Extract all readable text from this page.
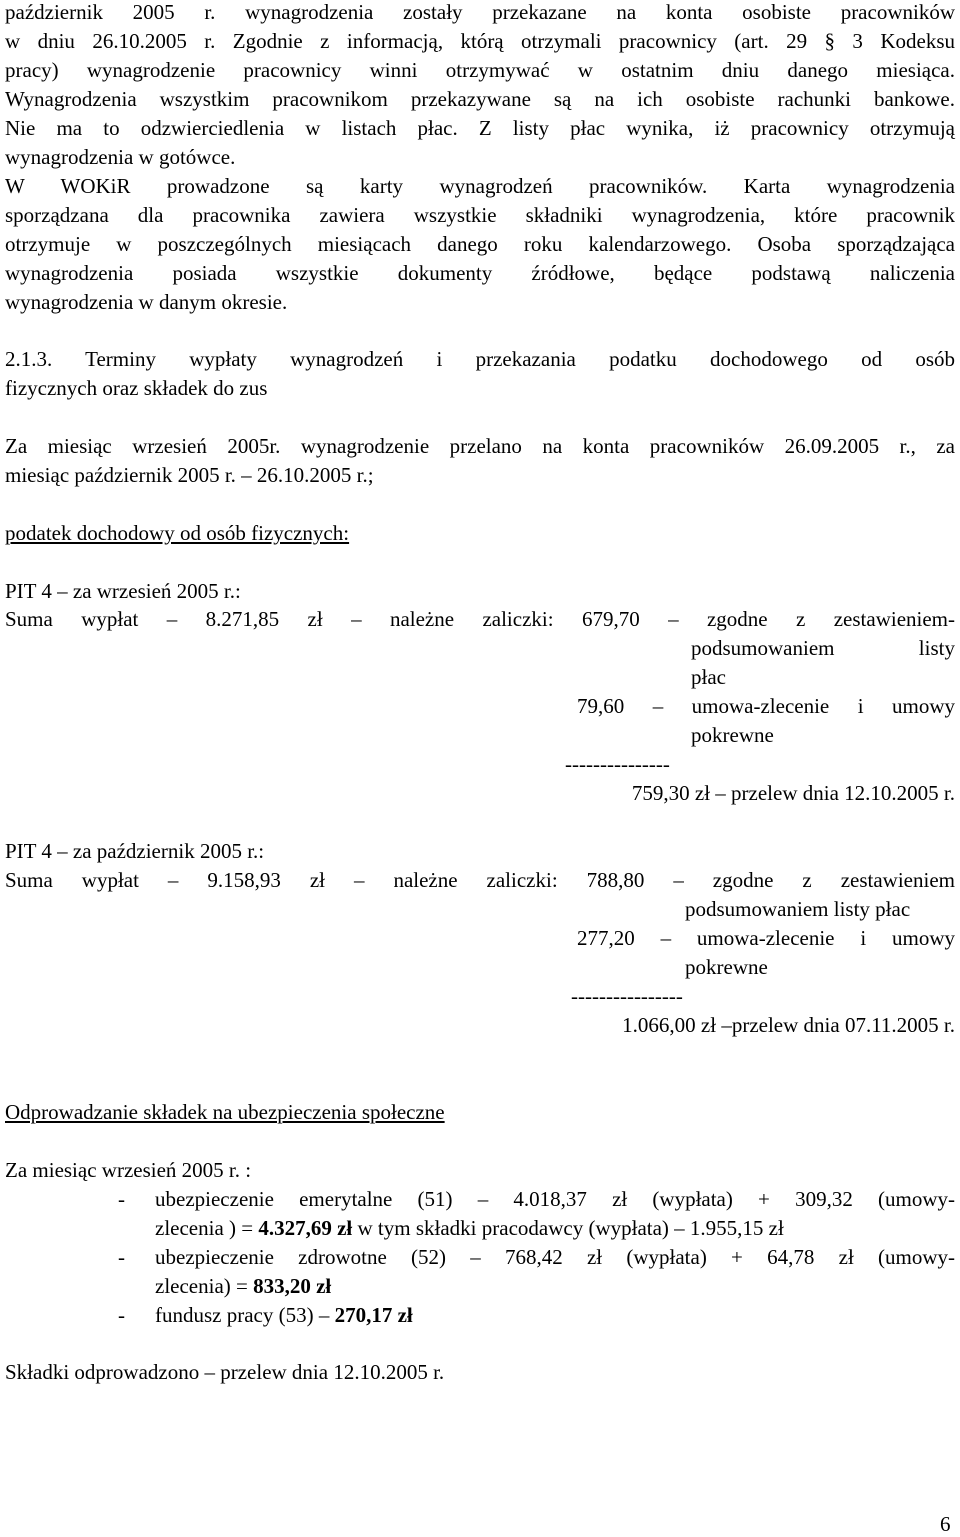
październik 2005 r. wynagrodzenia zostały przekazane na konta osobiste pracowników
w dniu 26.10.2005 r. Zgodnie z informacją, którą otrzymali pracownicy (art. 29 § 3 Kodeksu
pracy) wynagrodzenie pracownicy winni otrzymywać w ostatnim dniu danego miesiąca.
Wynagrodzenia wszystkim pracownikom przekazywane są na ich osobiste rachunki bankowe.
Nie ma to odzwierciedlenia w listach płac. Z listy płac wynika, iż pracownicy otrzymują
wynagrodzenia w gotówce.
W WOKiR prowadzone są karty wynagrodzeń pracowników. Karta wynagrodzenia
sporządzana dla pracownika zawiera wszystkie składniki wynagrodzenia, które pracownik
otrzymuje w poszczególnych miesiącach danego roku kalendarzowego. Osoba sporządzająca
wynagrodzenia posiada wszystkie dokumenty źródłowe, będące podstawą naliczenia
wynagrodzenia w danym okresie.
2.1.3. Terminy wypłaty wynagrodzeń i przekazania podatku dochodowego od osób
fizycznych oraz składek do zus
Za miesiąc wrzesień 2005r. wynagrodzenie przelano na konta pracowników 26.09.2005 r., za
miesiąc październik 2005 r. – 26.10.2005 r.;
podatek dochodowy od osób fizycznych:
PIT 4 – za wrzesień 2005 r.:
Suma wypłat – 8.271,85 zł – należne zaliczki: 679,70 – zgodne z zestawieniem-
podsumowaniem listy
płac
79,60 – umowa-zlecenie i umowy
pokrewne
---------------
759,30 zł – przelew dnia 12.10.2005 r.
PIT 4 – za październik 2005 r.:
Suma wypłat – 9.158,93 zł – należne zaliczki: 788,80 – zgodne z zestawieniem
podsumowaniem listy płac
277,20 – umowa-zlecenie i umowy
pokrewne
----------------
1.066,00 zł –przelew dnia 07.11.2005 r.
Odprowadzanie składek na ubezpieczenia społeczne
Za miesiąc wrzesień 2005 r. :
- ubezpieczenie emerytalne (51) – 4.018,37 zł (wypłata) + 309,32 (umowy-
zlecenia ) = 4.327,69 zł w tym składki pracodawcy (wypłata) – 1.955,15 zł
- ubezpieczenie zdrowotne (52) – 768,42 zł (wypłata) + 64,78 zł (umowy-
zlecenia) = 833,20 zł
- fundusz pracy (53) – 270,17 zł
Składki odprowadzono – przelew dnia 12.10.2005 r.
6
